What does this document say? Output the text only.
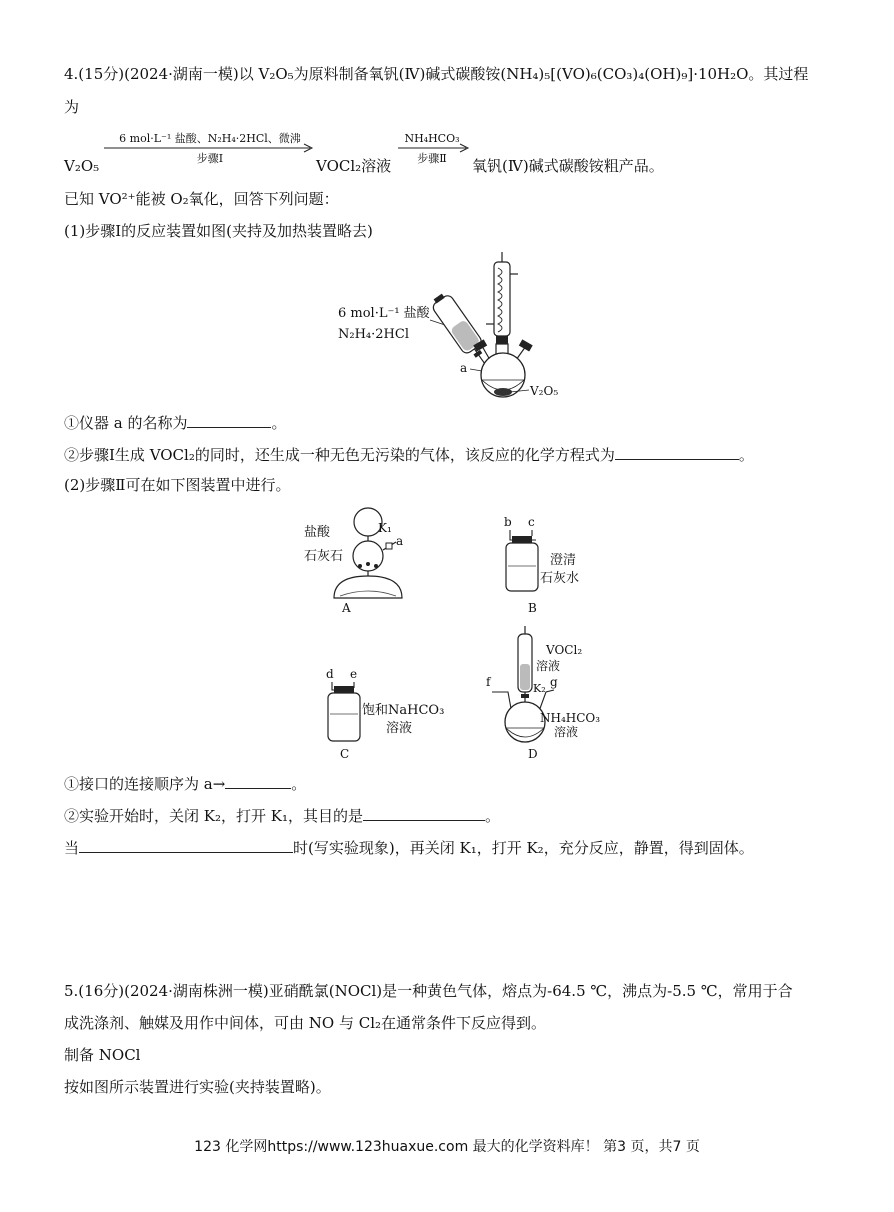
4.(15分)(2024·湖南一模)以 V₂O₅为原料制备氧钒(Ⅳ)碱式碳酸铵(NH₄)₅[(VO)₆(CO₃)₄(OH)₉]·10H₂O。其过程
为
V₂O₅
6 mol·L⁻¹ 盐酸、N₂H₄·2HCl、微沸
步骤Ⅰ	VOCl₂溶液
NH₄HCO₃
步骤Ⅱ 氧钒(Ⅳ)碱式碳酸铵粗产品。
已知 VO²⁺能被 O₂氧化，回答下列问题：
(1)步骤Ⅰ的反应装置如图(夹持及加热装置略去)
6 mol·L⁻¹ 盐酸
N₂H₄·2HCl
a
V₂O₅
①仪器 a 的名称为	。
②步骤Ⅰ生成 VOCl₂的同时，还生成一种无色无污染的气体，该反应的化学方程式为	。
(2)步骤Ⅱ可在如下图装置中进行。
盐酸
石灰石
K₁
a
A
b c
澄清
石灰水
B
d e
饱和NaHCO₃
溶液
C
VOCl₂
溶液
K₂
f	g
NH₄HCO₃
溶液
D
①接口的连接顺序为 a→	。
②实验开始时，关闭 K₂，打开 K₁，其目的是	。
当	时(写实验现象)，再关闭 K₁，打开 K₂，充分反应，静置，得到固体。
5.(16分)(2024·湖南株洲一模)亚硝酰氯(NOCl)是一种黄色气体，熔点为-64.5 ℃，沸点为-5.5 ℃，常用于合
成洗涤剂、触媒及用作中间体，可由 NO 与 Cl₂在通常条件下反应得到。
制备 NOCl
按如图所示装置进行实验(夹持装置略)。
123 化学网https://www.123huaxue.com 最大的化学资料库！ 第3 页，共7 页
